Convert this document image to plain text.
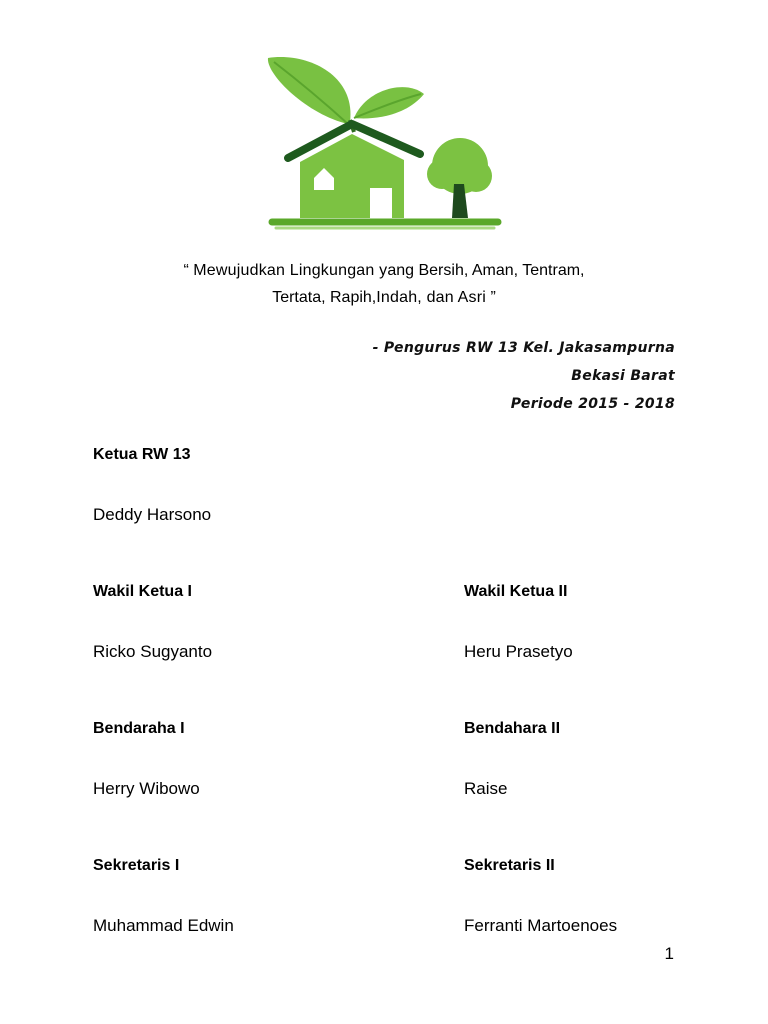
“ Mewujudkan Lingkungan yang Bersih, Aman, Tentram,
Tertata, Rapih,Indah, dan Asri ”
- Pengurus RW 13 Kel. Jakasampurna
Bekasi Barat
Periode 2015 - 2018
Ketua RW 13
Deddy Harsono
Wakil Ketua I	Wakil Ketua II
Ricko Sugyanto	Heru Prasetyo
Bendaraha I	Bendahara II
Herry Wibowo	Raise
Sekretaris I	Sekretaris II
Muhammad Edwin	Ferranti Martoenoes
1
